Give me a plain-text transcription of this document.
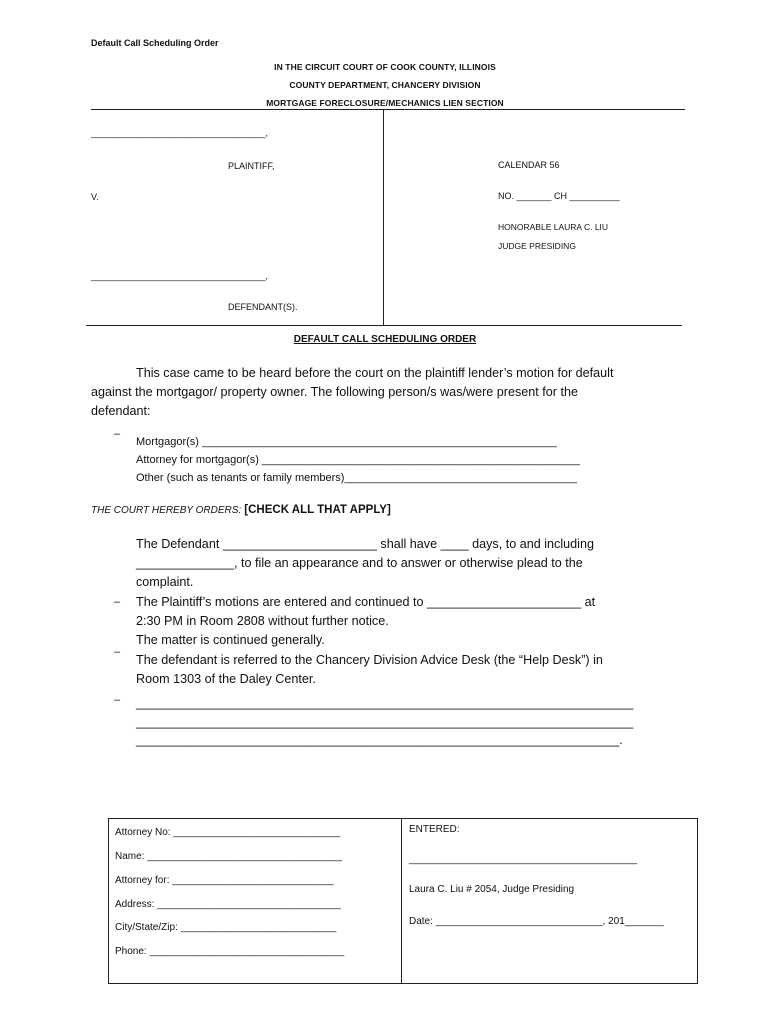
Default Call Scheduling Order
IN THE CIRCUIT COURT OF COOK COUNTY, ILLINOIS
COUNTY DEPARTMENT, CHANCERY DIVISION
MORTGAGE FORECLOSURE/MECHANICS LIEN SECTION
_________________________________,
PLAINTIFF,
V.
_________________________________,
DEFENDANT(S).
CALENDAR 56
NO. _______ CH __________
HONORABLE LAURA C. LIU
JUDGE PRESIDING
DEFAULT CALL SCHEDULING ORDER
This case came to be heard before the court on the plaintiff lender’s motion for default
against the mortgagor/ property owner. The following person/s was/were present for the
defendant:
–
Mortgagor(s) __________________________________________________________
Attorney for mortgagor(s) ____________________________________________________
Other (such as tenants or family members)______________________________________
THE COURT HEREBY ORDERS: [CHECK ALL THAT APPLY]
The Defendant ______________________ shall have ____ days, to and including
______________, to file an appearance and to answer or otherwise plead to the
complaint.
– The Plaintiff’s motions are entered and continued to ______________________ at
2:30 PM in Room 2808 without further notice.
The matter is continued generally.
–
The defendant is referred to the Chancery Division Advice Desk (the “Help Desk”) in
Room 1303 of the Daley Center.
– _______________________________________________________________________
_______________________________________________________________________
_____________________________________________________________________.
Attorney No: ______________________________
Name: ___________________________________
Attorney for: _____________________________
Address: _________________________________
City/State/Zip: ____________________________
Phone: ___________________________________
ENTERED:
_________________________________________
Laura C. Liu # 2054, Judge Presiding
Date: ______________________________, 201_______
